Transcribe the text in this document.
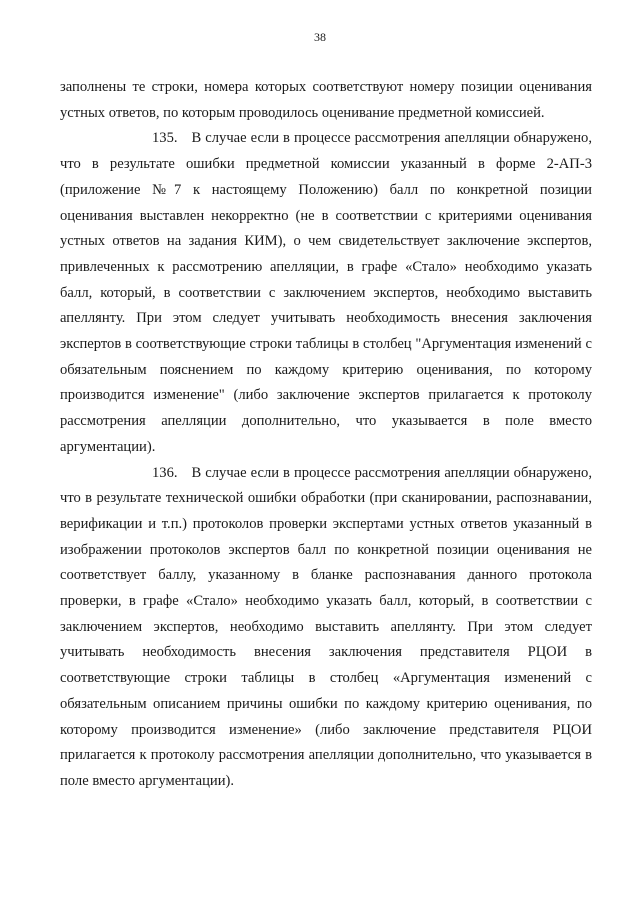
38

заполнены те строки, номера которых соответствуют номеру позиции оценивания устных ответов, по которым проводилось оценивание предметной комиссией.

135. В случае если в процессе рассмотрения апелляции обнаружено, что в результате ошибки предметной комиссии указанный в форме 2-АП-3 (приложение №7 к настоящему Положению) балл по конкретной позиции оценивания выставлен некорректно (не в соответствии с критериями оценивания устных ответов на задания КИМ), о чем свидетельствует заключение экспертов, привлеченных к рассмотрению апелляции, в графе «Стало» необходимо указать балл, который, в соответствии с заключением экспертов, необходимо выставить апеллянту. При этом следует учитывать необходимость внесения заключения экспертов в соответствующие строки таблицы в столбец "Аргументация изменений с обязательным пояснением по каждому критерию оценивания, по которому производится изменение" (либо заключение экспертов прилагается к протоколу рассмотрения апелляции дополнительно, что указывается в поле вместо аргументации).

136. В случае если в процессе рассмотрения апелляции обнаружено, что в результате технической ошибки обработки (при сканировании, распознавании, верификации и т.п.) протоколов проверки экспертами устных ответов указанный в изображении протоколов экспертов балл по конкретной позиции оценивания не соответствует баллу, указанному в бланке распознавания данного протокола проверки, в графе «Стало» необходимо указать балл, который, в соответствии с заключением экспертов, необходимо выставить апеллянту. При этом следует учитывать необходимость внесения заключения представителя РЦОИ в соответствующие строки таблицы в столбец «Аргументация изменений с обязательным описанием причины ошибки по каждому критерию оценивания, по которому производится изменение» (либо заключение представителя РЦОИ прилагается к протоколу рассмотрения апелляции дополнительно, что указывается в поле вместо аргументации).
